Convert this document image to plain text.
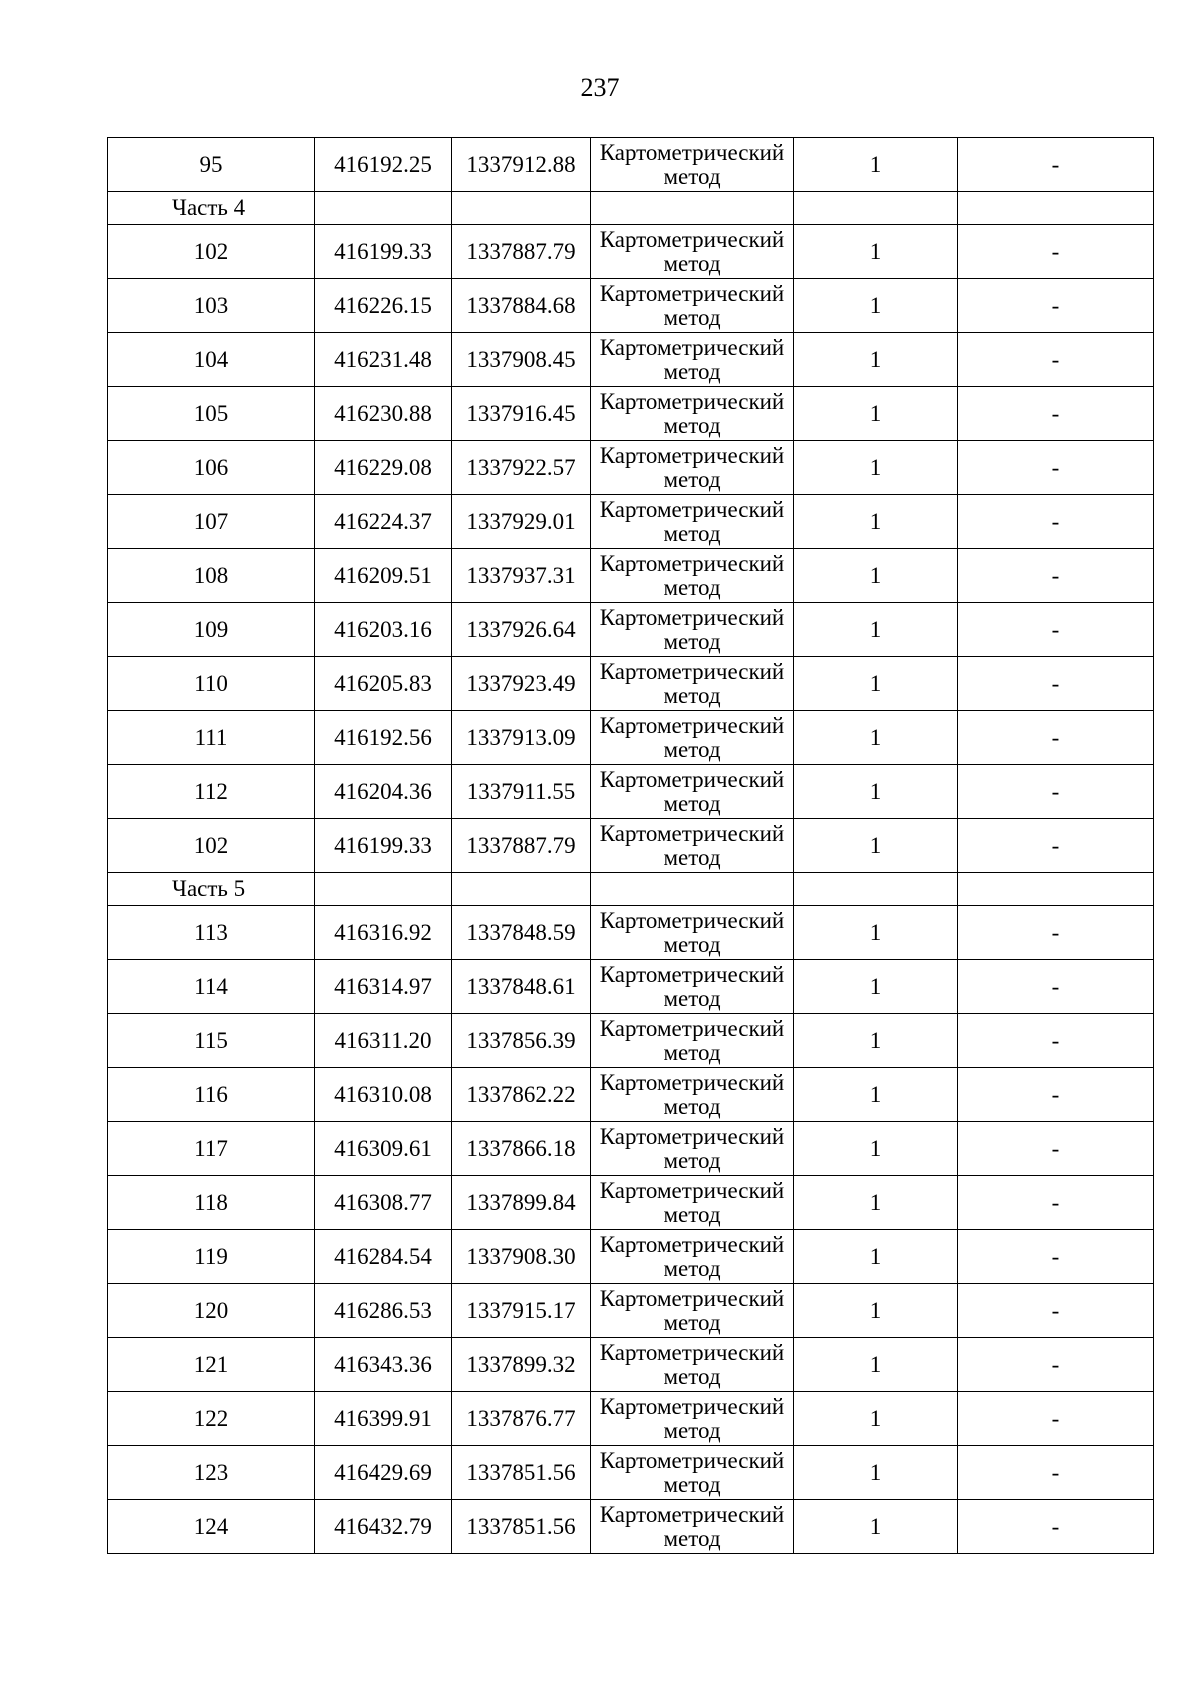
237
95	416192.25	1337912.88	Картометрический
метод	1	-
Часть 4					
102	416199.33	1337887.79	Картометрический
метод	1	-
103	416226.15	1337884.68	Картометрический
метод	1	-
104	416231.48	1337908.45	Картометрический
метод	1	-
105	416230.88	1337916.45	Картометрический
метод	1	-
106	416229.08	1337922.57	Картометрический
метод	1	-
107	416224.37	1337929.01	Картометрический
метод	1	-
108	416209.51	1337937.31	Картометрический
метод	1	-
109	416203.16	1337926.64	Картометрический
метод	1	-
110	416205.83	1337923.49	Картометрический
метод	1	-
111	416192.56	1337913.09	Картометрический
метод	1	-
112	416204.36	1337911.55	Картометрический
метод	1	-
102	416199.33	1337887.79	Картометрический
метод	1	-
Часть 5					
113	416316.92	1337848.59	Картометрический
метод	1	-
114	416314.97	1337848.61	Картометрический
метод	1	-
115	416311.20	1337856.39	Картометрический
метод	1	-
116	416310.08	1337862.22	Картометрический
метод	1	-
117	416309.61	1337866.18	Картометрический
метод	1	-
118	416308.77	1337899.84	Картометрический
метод	1	-
119	416284.54	1337908.30	Картометрический
метод	1	-
120	416286.53	1337915.17	Картометрический
метод	1	-
121	416343.36	1337899.32	Картометрический
метод	1	-
122	416399.91	1337876.77	Картометрический
метод	1	-
123	416429.69	1337851.56	Картометрический
метод	1	-
124	416432.79	1337851.56	Картометрический
метод	1	-
